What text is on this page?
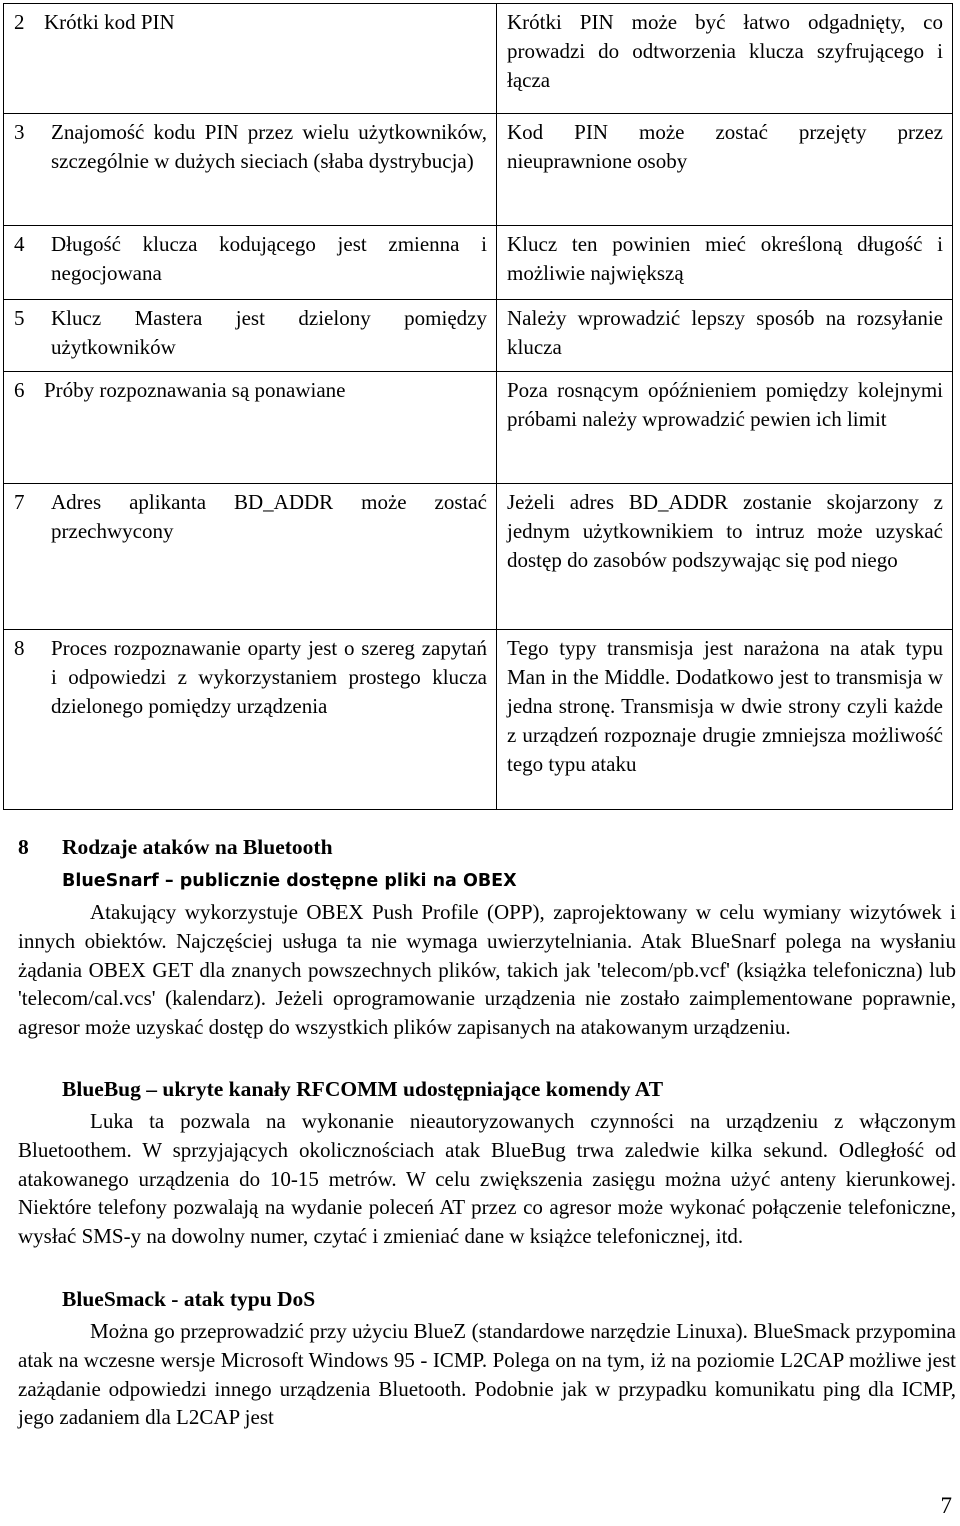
2 Krótki kod PIN	Krótki PIN może być łatwo odgadnięty, co prowadzi do odtworzenia klucza szyfrującego i łącza

3 Znajomość kodu PIN przez wielu użytkowników, szczególnie w dużych sieciach (słaba dystrybucja)	Kod PIN może zostać przejęty przez nieuprawnione osoby

4 Długość klucza kodującego jest zmienna i negocjowana	Klucz ten powinien mieć określoną długość i możliwie największą

5 Klucz Mastera jest dzielony pomiędzy użytkowników	Należy wprowadzić lepszy sposób na rozsyłanie klucza
6 Próby rozpoznawania są ponawiane	Poza rosnącym opóźnieniem pomiędzy kolejnymi próbami należy wprowadzić pewien ich limit

7 Adres aplikanta BD_ADDR może zostać przechwycony	Jeżeli adres BD_ADDR zostanie skojarzony z jednym użytkownikiem to intruz może uzyskać dostęp do zasobów podszywając się pod niego

8 Proces rozpoznawanie oparty jest o szereg zapytań i odpowiedzi z wykorzystaniem prostego klucza dzielonego pomiędzy urządzenia	Tego typy transmisja jest narażona na atak typu Man in the Middle. Dodatkowo jest to transmisja w jedna stronę. Transmisja w dwie strony czyli każde z urządzeń rozpoznaje drugie zmniejsza możliwość tego typu ataku
8 Rodzaje ataków na Bluetooth
BlueSnarf – publicznie dostępne pliki na OBEX

Atakujący wykorzystuje OBEX Push Profile (OPP), zaprojektowany w celu wymiany wizytówek i innych obiektów. Najczęściej usługa ta nie wymaga uwierzytelniania. Atak BlueSnarf polega na wysłaniu żądania OBEX GET dla znanych powszechnych plików, takich jak 'telecom/pb.vcf' (książka telefoniczna) lub 'telecom/cal.vcs' (kalendarz). Jeżeli oprogramowanie urządzenia nie zostało zaimplementowane poprawnie, agresor może uzyskać dostęp do wszystkich plików zapisanych na atakowanym urządzeniu.

BlueBug – ukryte kanały RFCOMM udostępniające komendy AT

Luka ta pozwala na wykonanie nieautoryzowanych czynności na urządzeniu z włączonym Bluetoothem. W sprzyjających okolicznościach atak BlueBug trwa zaledwie kilka sekund. Odległość od atakowanego urządzenia do 10-15 metrów. W celu zwiększenia zasięgu można użyć anteny kierunkowej. Niektóre telefony pozwalają na wydanie poleceń AT przez co agresor może wykonać połączenie telefoniczne, wysłać SMS-y na dowolny numer, czytać i zmieniać dane w książce telefonicznej, itd.

BlueSmack - atak typu DoS

Można go przeprowadzić przy użyciu BlueZ (standardowe narzędzie Linuxa). BlueSmack przypomina atak na wczesne wersje Microsoft Windows 95 - ICMP. Polega on na tym, iż na poziomie L2CAP możliwe jest zażądanie odpowiedzi innego urządzenia Bluetooth. Podobnie jak w przypadku komunikatu ping dla ICMP, jego zadaniem dla L2CAP jest

7
